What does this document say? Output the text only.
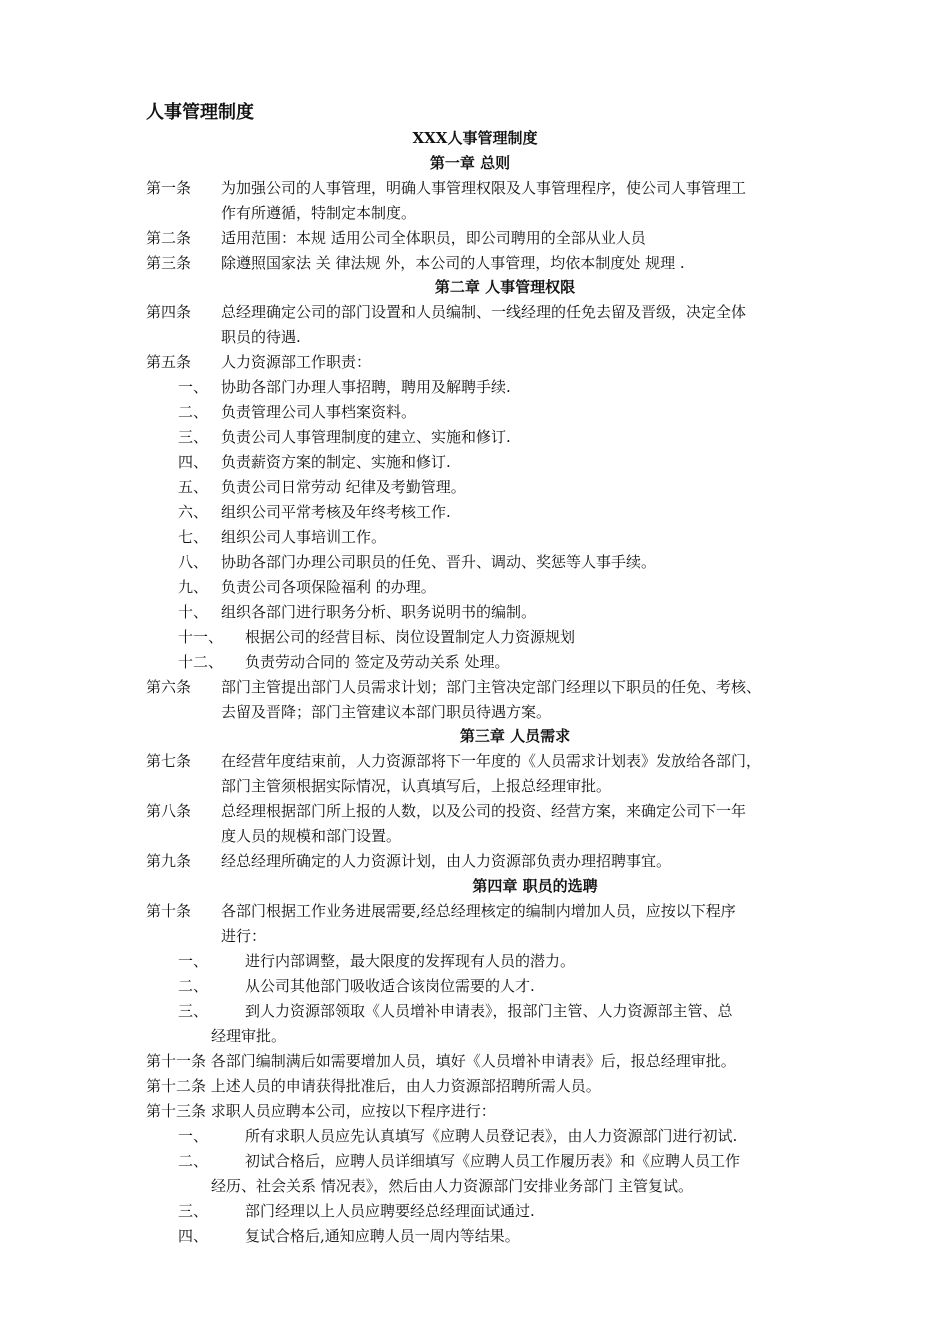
人事管理制度
XXX人事管理制度
第一章 总则
第一条 为加强公司的人事管理，明确人事管理权限及人事管理程序，使公司人事管理工
作有所遵循，特制定本制度。
第二条 适用范围：本规 适用公司全体职员，即公司聘用的全部从业人员
第三条 除遵照国家法 关 律法规 外，本公司的人事管理，均依本制度处 规理 .
第二章 人事管理权限
第四条 总经理确定公司的部门设置和人员编制、一线经理的任免去留及晋级，决定全体
职员的待遇.
第五条 人力资源部工作职责：
一、 协助各部门办理人事招聘，聘用及解聘手续.
二、 负责管理公司人事档案资料。
三、 负责公司人事管理制度的建立、实施和修订.
四、 负责薪资方案的制定、实施和修订.
五、 负责公司日常劳动 纪律及考勤管理。
六、 组织公司平常考核及年终考核工作.
七、 组织公司人事培训工作。
八、 协助各部门办理公司职员的任免、晋升、调动、奖惩等人事手续。
九、 负责公司各项保险福利 的办理。
十、 组织各部门进行职务分析、职务说明书的编制。
十一、 根据公司的经营目标、岗位设置制定人力资源规划
十二、 负责劳动合同的 签定及劳动关系 处理。
第六条 部门主管提出部门人员需求计划；部门主管决定部门经理以下职员的任免、考核、
去留及晋降；部门主管建议本部门职员待遇方案。
第三章 人员需求
第七条 在经营年度结束前，人力资源部将下一年度的《人员需求计划表》发放给各部门，
部门主管须根据实际情况，认真填写后，上报总经理审批。
第八条 总经理根据部门所上报的人数，以及公司的投资、经营方案，来确定公司下一年
度人员的规模和部门设置。
第九条 经总经理所确定的人力资源计划，由人力资源部负责办理招聘事宜。
第四章 职员的选聘
第十条 各部门根据工作业务进展需要,经总经理核定的编制内增加人员，应按以下程序
进行：
一、 进行内部调整，最大限度的发挥现有人员的潜力。
二、 从公司其他部门吸收适合该岗位需要的人才.
三、 到人力资源部领取《人员增补申请表》，报部门主管、人力资源部主管、总
经理审批。
第十一条 各部门编制满后如需要增加人员，填好《人员增补申请表》后，报总经理审批。
第十二条 上述人员的申请获得批准后，由人力资源部招聘所需人员。
第十三条 求职人员应聘本公司，应按以下程序进行：
一、 所有求职人员应先认真填写《应聘人员登记表》，由人力资源部门进行初试.
二、 初试合格后，应聘人员详细填写《应聘人员工作履历表》和《应聘人员工作
经历、社会关系 情况表》，然后由人力资源部门安排业务部门 主管复试。
三、 部门经理以上人员应聘要经总经理面试通过.
四、 复试合格后,通知应聘人员一周内等结果。
